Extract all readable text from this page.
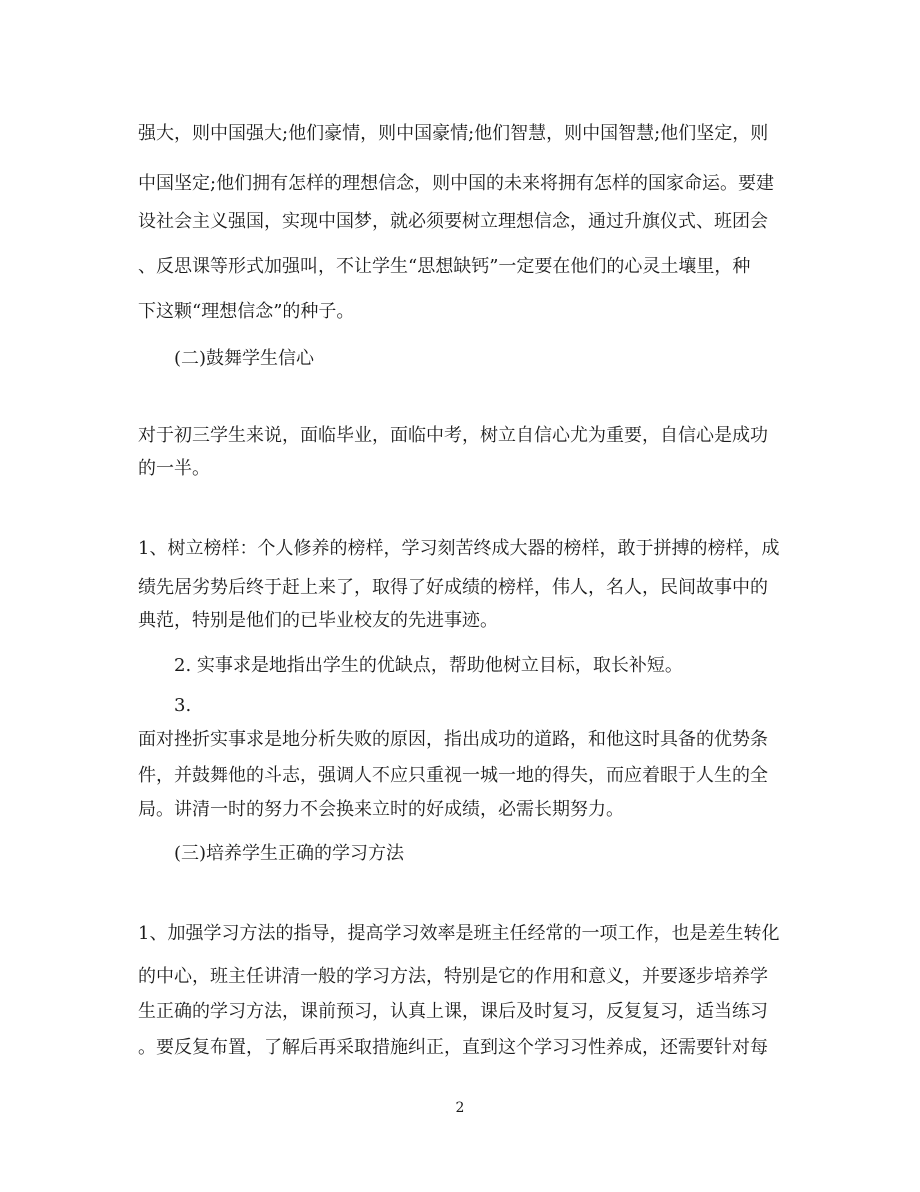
强大，则中国强大;他们豪情，则中国豪情;他们智慧，则中国智慧;他们坚定，则
中国坚定;他们拥有怎样的理想信念，则中国的未来将拥有怎样的国家命运。要建
设社会主义强国，实现中国梦，就必须要树立理想信念，通过升旗仪式、班团会
、反思课等形式加强叫，不让学生“思想缺钙”一定要在他们的心灵土壤里，种
下这颗“理想信念”的种子。
(二)鼓舞学生信心
对于初三学生来说，面临毕业，面临中考，树立自信心尤为重要，自信心是成功
的一半。
1、树立榜样：个人修养的榜样，学习刻苦终成大器的榜样，敢于拼搏的榜样，成
绩先居劣势后终于赶上来了，取得了好成绩的榜样，伟人，名人，民间故事中的
典范，特别是他们的已毕业校友的先进事迹。
2. 实事求是地指出学生的优缺点，帮助他树立目标，取长补短。
3.
面对挫折实事求是地分析失败的原因，指出成功的道路，和他这时具备的优势条
件，并鼓舞他的斗志，强调人不应只重视一城一地的得失，而应着眼于人生的全
局。讲清一时的努力不会换来立时的好成绩，必需长期努力。
(三)培养学生正确的学习方法
1、加强学习方法的指导，提高学习效率是班主任经常的一项工作，也是差生转化
的中心，班主任讲清一般的学习方法，特别是它的作用和意义，并要逐步培养学
生正确的学习方法，课前预习，认真上课，课后及时复习，反复复习，适当练习
。要反复布置，了解后再采取措施纠正，直到这个学习习性养成，还需要针对每
2
